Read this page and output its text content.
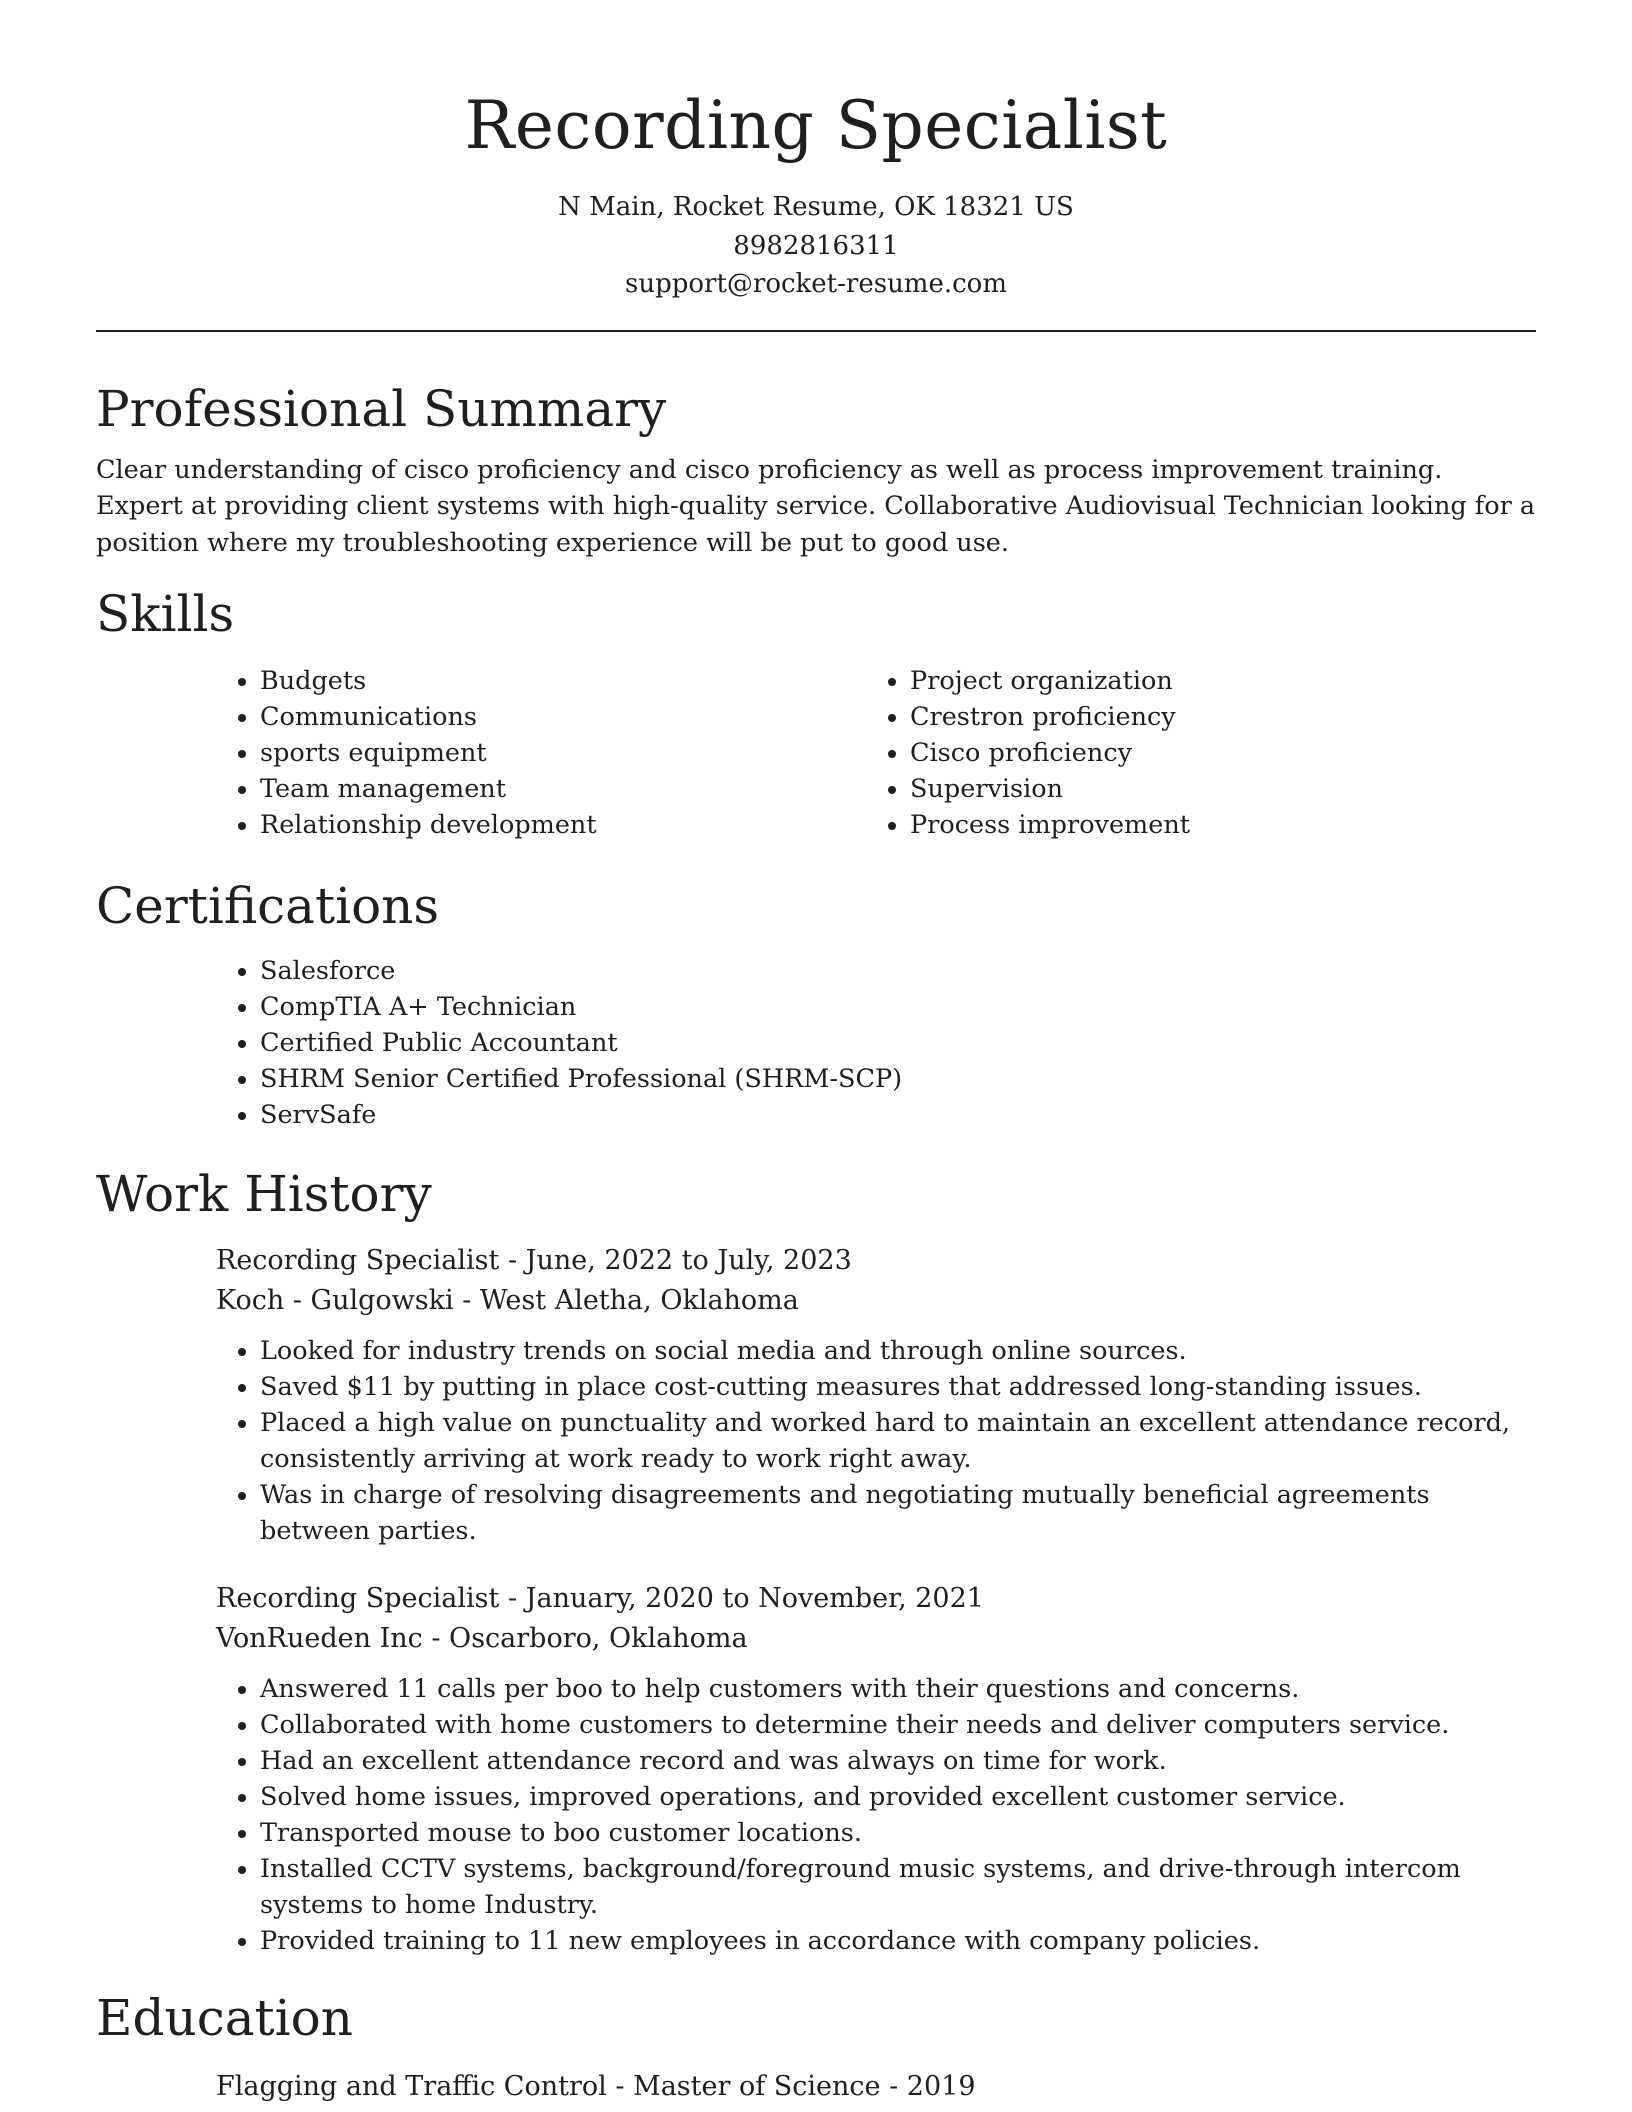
Recording Specialist
N Main, Rocket Resume, OK 18321 US
8982816311
support@rocket-resume.com
Professional Summary

Clear understanding of cisco proficiency and cisco proficiency as well as process improvement training. Expert at providing client systems with high-quality service. Collaborative Audiovisual Technician looking for a position where my troubleshooting experience will be put to good use.

Skills
• Budgets
• Communications
• sports equipment
• Team management
• Relationship development
• Project organization
• Crestron proficiency
• Cisco proficiency
• Supervision
• Process improvement
Certifications
• Salesforce
• CompTIA A+ Technician
• Certified Public Accountant
• SHRM Senior Certified Professional (SHRM-SCP)
• ServSafe
Work History
Recording Specialist - June, 2022 to July, 2023
Koch - Gulgowski - West Aletha, Oklahoma
• Looked for industry trends on social media and through online sources.
• Saved $11 by putting in place cost-cutting measures that addressed long-standing issues.
• Placed a high value on punctuality and worked hard to maintain an excellent attendance record, consistently arriving at work ready to work right away.
• Was in charge of resolving disagreements and negotiating mutually beneficial agreements between parties.
Recording Specialist - January, 2020 to November, 2021
VonRueden Inc - Oscarboro, Oklahoma
• Answered 11 calls per boo to help customers with their questions and concerns.
• Collaborated with home customers to determine their needs and deliver computers service.
• Had an excellent attendance record and was always on time for work.
• Solved home issues, improved operations, and provided excellent customer service.
• Transported mouse to boo customer locations.
• Installed CCTV systems, background/foreground music systems, and drive-through intercom systems to home Industry.
• Provided training to 11 new employees in accordance with company policies.
Education
Flagging and Traffic Control - Master of Science - 2019
